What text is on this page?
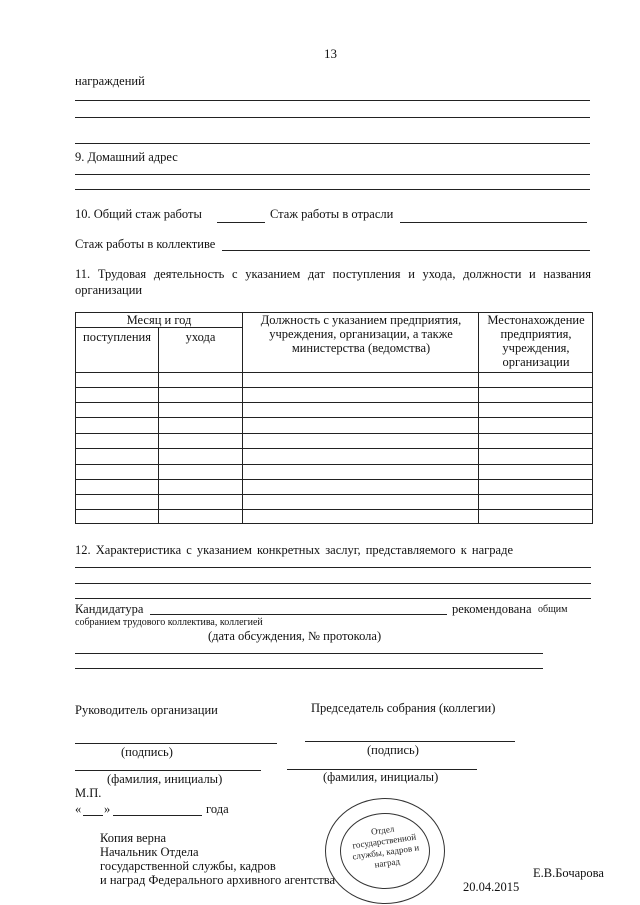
13
награждений
9. Домашний адрес
10. Общий стаж работы	Стаж работы в отрасли
Стаж работы в коллективе
11. Трудовая деятельность с указанием дат поступления и ухода, должности и названия организации
Месяц и год
поступления	ухода
Должность с указанием предприятия, учреждения, организации, а также министерства (ведомства)
Местонахождение предприятия, учреждения, организации
12. Характеристика с указанием конкретных заслуг, представляемого к награде
Кандидатура	рекомендована общим
собранием трудового коллектива, коллегией
(дата обсуждения, № протокола)
Руководитель организации	Председатель собрания (коллегии)
(подпись)	(подпись)
(фамилия, инициалы)	(фамилия, инициалы)
М.П.
« »	года
Копия верна
Начальник Отдела
государственной службы, кадров
и наград Федерального архивного агентства	Е.В.Бочарова
20.04.2015
Отдел государственной службы, кадров и наград
